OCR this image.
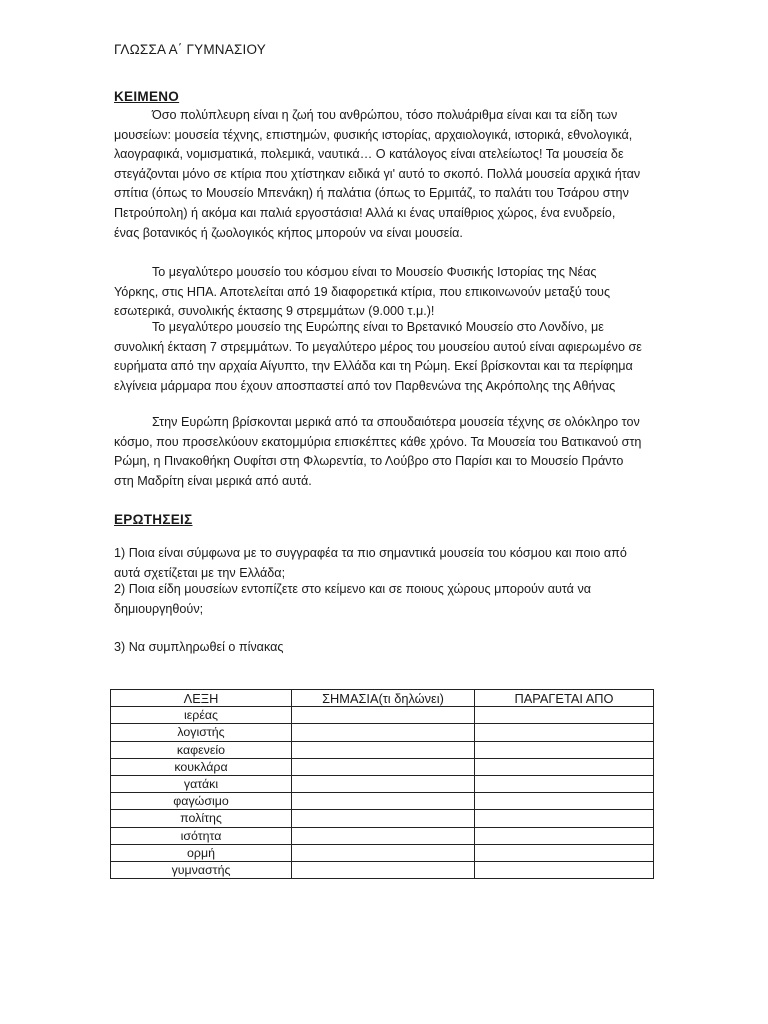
ΓΛΩΣΣΑ Α΄ ΓΥΜΝΑΣΙΟΥ
ΚΕΙΜΕΝΟ

Όσο πολύπλευρη είναι η ζωή του ανθρώπου, τόσο πολυάριθμα είναι και τα είδη των μουσείων: μουσεία τέχνης, επιστημών, φυσικής ιστορίας, αρχαιολογικά, ιστορικά, εθνολογικά, λαογραφικά, νομισματικά, πολεμικά, ναυτικά… Ο κατάλογος είναι ατελείωτος! Τα μουσεία δε στεγάζονται μόνο σε κτίρια που χτίστηκαν ειδικά γι' αυτό το σκοπό. Πολλά μουσεία αρχικά ήταν σπίτια (όπως το Μουσείο Μπενάκη) ή παλάτια (όπως το Ερμιτάζ, το παλάτι του Τσάρου στην Πετρούπολη) ή ακόμα και παλιά εργοστάσια! Αλλά κι ένας υπαίθριος χώρος, ένα ενυδρείο, ένας βοτανικός ή ζωολογικός κήπος μπορούν να είναι μουσεία.

Το μεγαλύτερο μουσείο του κόσμου είναι το Μουσείο Φυσικής Ιστορίας της Νέας Υόρκης, στις ΗΠΑ. Αποτελείται από 19 διαφορετικά κτίρια, που επικοινωνούν μεταξύ τους εσωτερικά, συνολικής έκτασης 9 στρεμμάτων (9.000 τ.μ.)!

Το μεγαλύτερο μουσείο της Ευρώπης είναι το Βρετανικό Μουσείο στο Λονδίνο, με συνολική έκταση 7 στρεμμάτων. Το μεγαλύτερο μέρος του μουσείου αυτού είναι αφιερωμένο σε ευρήματα από την αρχαία Αίγυπτο, την Ελλάδα και τη Ρώμη. Εκεί βρίσκονται και τα περίφημα ελγίνεια μάρμαρα που έχουν αποσπαστεί από τον Παρθενώνα της Ακρόπολης της Αθήνας

Στην Ευρώπη βρίσκονται μερικά από τα σπουδαιότερα μουσεία τέχνης σε ολόκληρο τον κόσμο, που προσελκύουν εκατομμύρια επισκέπτες κάθε χρόνο. Τα Μουσεία του Βατικανού στη Ρώμη, η Πινακοθήκη Ουφίτσι στη Φλωρεντία, το Λούβρο στο Παρίσι και το Μουσείο Πράντο στη Μαδρίτη είναι μερικά από αυτά.

ΕΡΩΤΗΣΕΙΣ

1) Ποια είναι σύμφωνα με το συγγραφέα τα πιο σημαντικά μουσεία του κόσμου και ποιο από αυτά σχετίζεται με την Ελλάδα;

2) Ποια είδη μουσείων εντοπίζετε στο κείμενο και σε ποιους χώρους μπορούν αυτά να δημιουργηθούν;

3) Να συμπληρωθεί ο πίνακας

ΛΕΞΗ	ΣΗΜΑΣΙΑ(τι δηλώνει)	ΠΑΡΑΓΕΤΑΙ ΑΠΟ
ιερέας		
λογιστής		
καφενείο		
κουκλάρα		
γατάκι		
φαγώσιμο		
πολίτης		
ισότητα		
ορμή		
γυμναστής		
